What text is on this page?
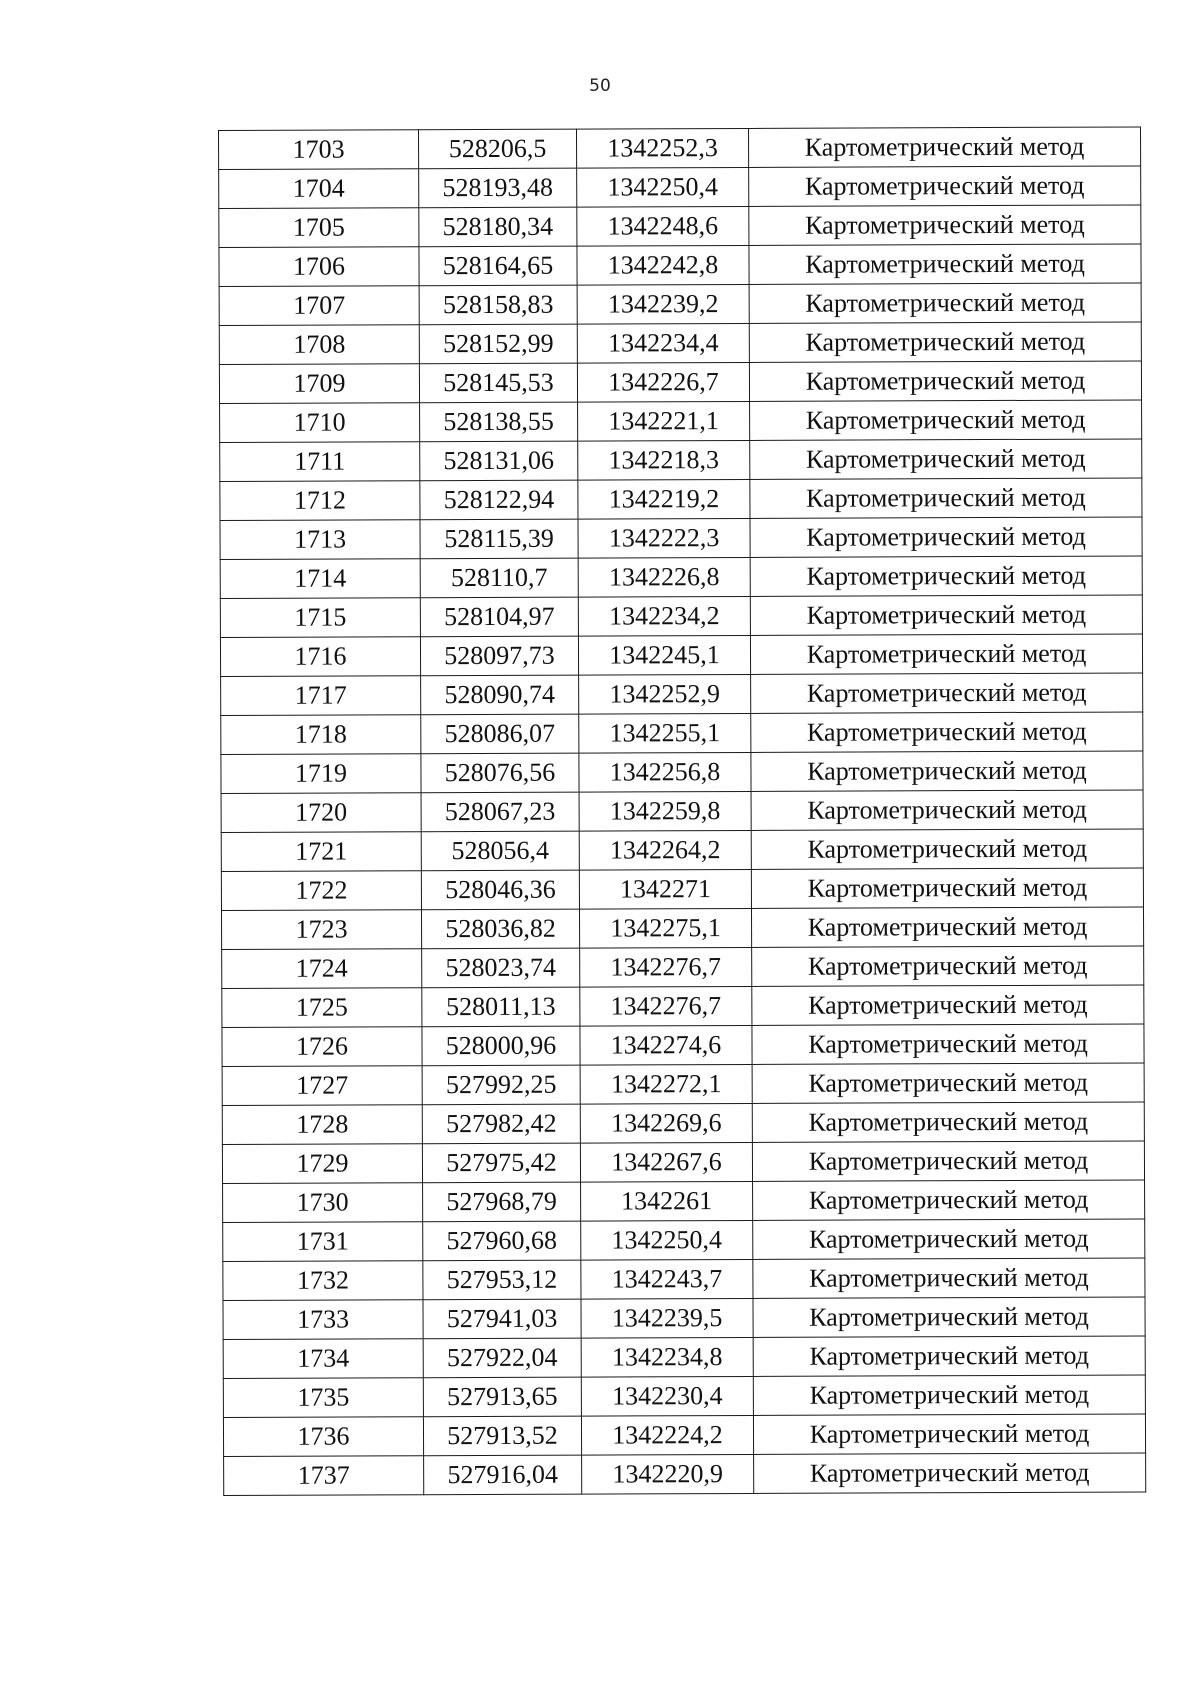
50
1703	528206,5	1342252,3	Картометрический метод
1704	528193,48	1342250,4	Картометрический метод
1705	528180,34	1342248,6	Картометрический метод
1706	528164,65	1342242,8	Картометрический метод
1707	528158,83	1342239,2	Картометрический метод
1708	528152,99	1342234,4	Картометрический метод
1709	528145,53	1342226,7	Картометрический метод
1710	528138,55	1342221,1	Картометрический метод
1711	528131,06	1342218,3	Картометрический метод
1712	528122,94	1342219,2	Картометрический метод
1713	528115,39	1342222,3	Картометрический метод
1714	528110,7	1342226,8	Картометрический метод
1715	528104,97	1342234,2	Картометрический метод
1716	528097,73	1342245,1	Картометрический метод
1717	528090,74	1342252,9	Картометрический метод
1718	528086,07	1342255,1	Картометрический метод
1719	528076,56	1342256,8	Картометрический метод
1720	528067,23	1342259,8	Картометрический метод
1721	528056,4	1342264,2	Картометрический метод
1722	528046,36	1342271	Картометрический метод
1723	528036,82	1342275,1	Картометрический метод
1724	528023,74	1342276,7	Картометрический метод
1725	528011,13	1342276,7	Картометрический метод
1726	528000,96	1342274,6	Картометрический метод
1727	527992,25	1342272,1	Картометрический метод
1728	527982,42	1342269,6	Картометрический метод
1729	527975,42	1342267,6	Картометрический метод
1730	527968,79	1342261	Картометрический метод
1731	527960,68	1342250,4	Картометрический метод
1732	527953,12	1342243,7	Картометрический метод
1733	527941,03	1342239,5	Картометрический метод
1734	527922,04	1342234,8	Картометрический метод
1735	527913,65	1342230,4	Картометрический метод
1736	527913,52	1342224,2	Картометрический метод
1737	527916,04	1342220,9	Картометрический метод
